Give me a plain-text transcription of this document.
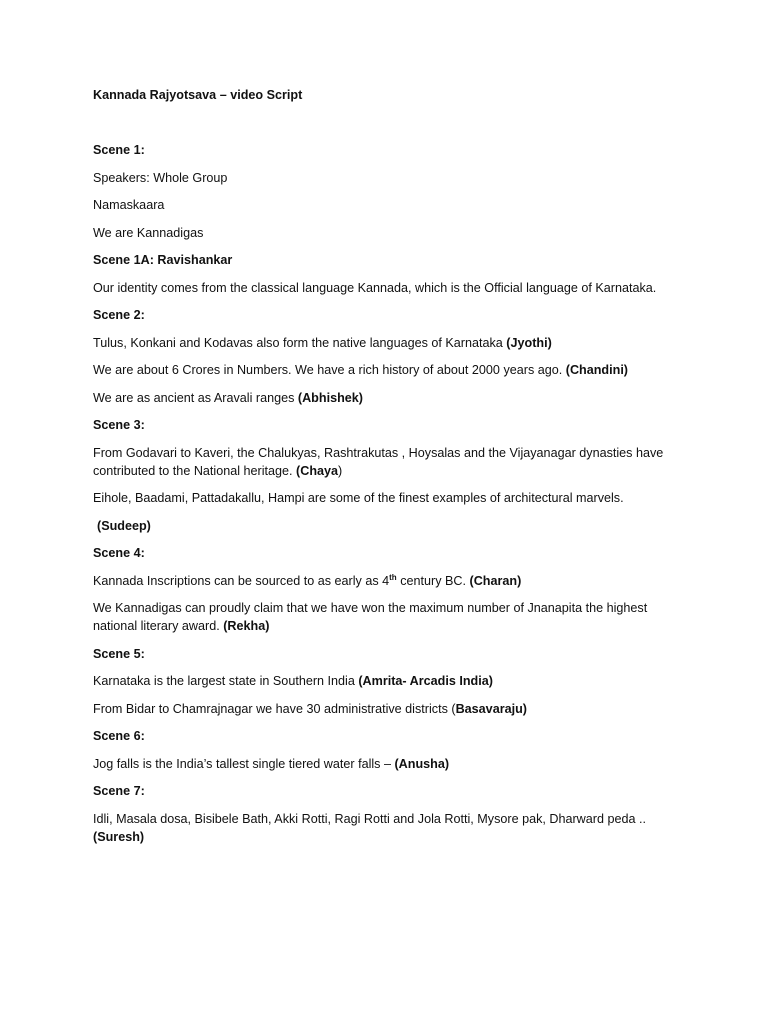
Kannada Rajyotsava – video Script
Scene 1:
Speakers: Whole Group
Namaskaara
We are Kannadigas
Scene 1A: Ravishankar
Our identity comes from the classical language Kannada, which is the Official language of Karnataka.
Scene 2:
Tulus, Konkani and Kodavas also form the native languages of Karnataka (Jyothi)
We are about 6 Crores in Numbers. We have a rich history of about 2000 years ago. (Chandini)
We are as ancient as Aravali ranges (Abhishek)
Scene 3:
From Godavari to Kaveri, the Chalukyas, Rashtrakutas , Hoysalas and the Vijayanagar dynasties have contributed to the National heritage. (Chaya)
Eihole, Baadami, Pattadakallu, Hampi are some of the finest examples of architectural marvels.
(Sudeep)
Scene 4:
Kannada Inscriptions can be sourced to as early as 4th century BC. (Charan)
We Kannadigas can proudly claim that we have won the maximum number of Jnanapita the highest national literary award. (Rekha)
Scene 5:
Karnataka is the largest state in Southern India (Amrita- Arcadis India)
From Bidar to Chamrajnagar we have 30 administrative districts (Basavaraju)
Scene 6:
Jog falls is the India’s tallest single tiered water falls – (Anusha)
Scene 7:
Idli, Masala dosa, Bisibele Bath, Akki Rotti, Ragi Rotti and Jola Rotti, Mysore pak, Dharward peda ..
(Suresh)
